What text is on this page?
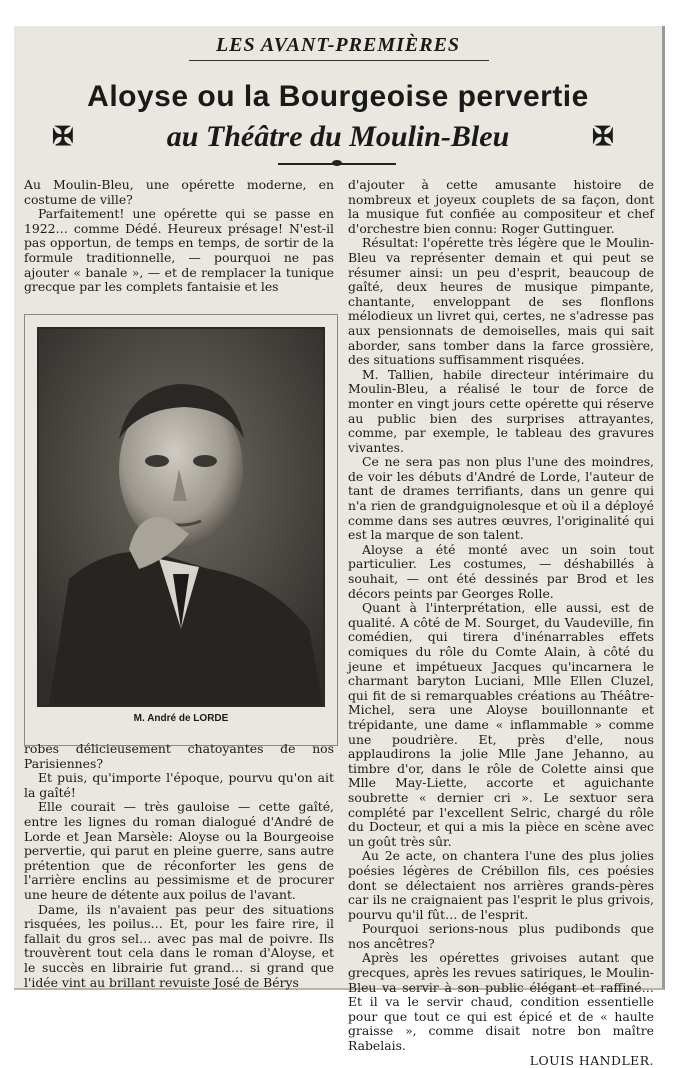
LES AVANT-PREMIÈRES
Aloyse ou la Bourgeoise pervertie
✠	au Théâtre du Moulin-Bleu	✠

Au Moulin-Bleu, une opérette moderne, en costume de ville?

Parfaitement! une opérette qui se passe en 1922… comme Dédé. Heureux présage! N'est-il pas opportun, de temps en temps, de sortir de la formule traditionnelle, — pourquoi ne pas ajouter « banale », — et de remplacer la tunique grecque par les complets fantaisie et les

M. André de LORDE

robes délicieusement chatoyantes de nos Parisiennes?

Et puis, qu'importe l'époque, pourvu qu'on ait la gaîté!

Elle courait — très gauloise — cette gaîté, entre les lignes du roman dialogué d'André de Lorde et Jean Marsèle: Aloyse ou la Bourgeoise pervertie, qui parut en pleine guerre, sans autre prétention que de réconforter les gens de l'arrière enclins au pessimisme et de procurer une heure de détente aux poilus de l'avant.

Dame, ils n'avaient pas peur des situations risquées, les poilus… Et, pour les faire rire, il fallait du gros sel… avec pas mal de poivre. Ils trouvèrent tout cela dans le roman d'Aloyse, et le succès en librairie fut grand… si grand que l'idée vint au brillant revuiste José de Bérys

d'ajouter à cette amusante histoire de nombreux et joyeux couplets de sa façon, dont la musique fut confiée au compositeur et chef d'orchestre bien connu: Roger Guttinguer.

Résultat: l'opérette très légère que le Moulin-Bleu va représenter demain et qui peut se résumer ainsi: un peu d'esprit, beaucoup de gaîté, deux heures de musique pimpante, chantante, enveloppant de ses flonflons mélodieux un livret qui, certes, ne s'adresse pas aux pensionnats de demoiselles, mais qui sait aborder, sans tomber dans la farce grossière, des situations suffisamment risquées.

M. Tallien, habile directeur intérimaire du Moulin-Bleu, a réalisé le tour de force de monter en vingt jours cette opérette qui réserve au public bien des surprises attrayantes, comme, par exemple, le tableau des gravures vivantes.

Ce ne sera pas non plus l'une des moindres, de voir les débuts d'André de Lorde, l'auteur de tant de drames terrifiants, dans un genre qui n'a rien de grandguignolesque et où il a déployé comme dans ses autres œuvres, l'originalité qui est la marque de son talent.

Aloyse a été monté avec un soin tout particulier. Les costumes, — déshabillés à souhait, — ont été dessinés par Brod et les décors peints par Georges Rolle.

Quant à l'interprétation, elle aussi, est de qualité. A côté de M. Sourget, du Vaudeville, fin comédien, qui tirera d'inénarrables effets comiques du rôle du Comte Alain, à côté du jeune et impétueux Jacques qu'incarnera le charmant baryton Luciani, Mlle Ellen Cluzel, qui fit de si remarquables créations au Théâtre-Michel, sera une Aloyse bouillonnante et trépidante, une dame « inflammable » comme une poudrière. Et, près d'elle, nous applaudirons la jolie Mlle Jane Jehanno, au timbre d'or, dans le rôle de Colette ainsi que Mlle May-Liette, accorte et aguichante soubrette « dernier cri ». Le sextuor sera complété par l'excellent Selric, chargé du rôle du Docteur, et qui a mis la pièce en scène avec un goût très sûr.

Au 2e acte, on chantera l'une des plus jolies poésies légères de Crébillon fils, ces poésies dont se délectaient nos arrières grands-pères car ils ne craignaient pas l'esprit le plus grivois, pourvu qu'il fût… de l'esprit.

Pourquoi serions-nous plus pudibonds que nos ancêtres?

Après les opérettes grivoises autant que grecques, après les revues satiriques, le Moulin-Bleu va servir à son public élégant et raffiné… Et il va le servir chaud, condition essentielle pour que tout ce qui est épicé et de « haulte graisse », comme disait notre bon maître Rabelais.

LOUIS HANDLER.
